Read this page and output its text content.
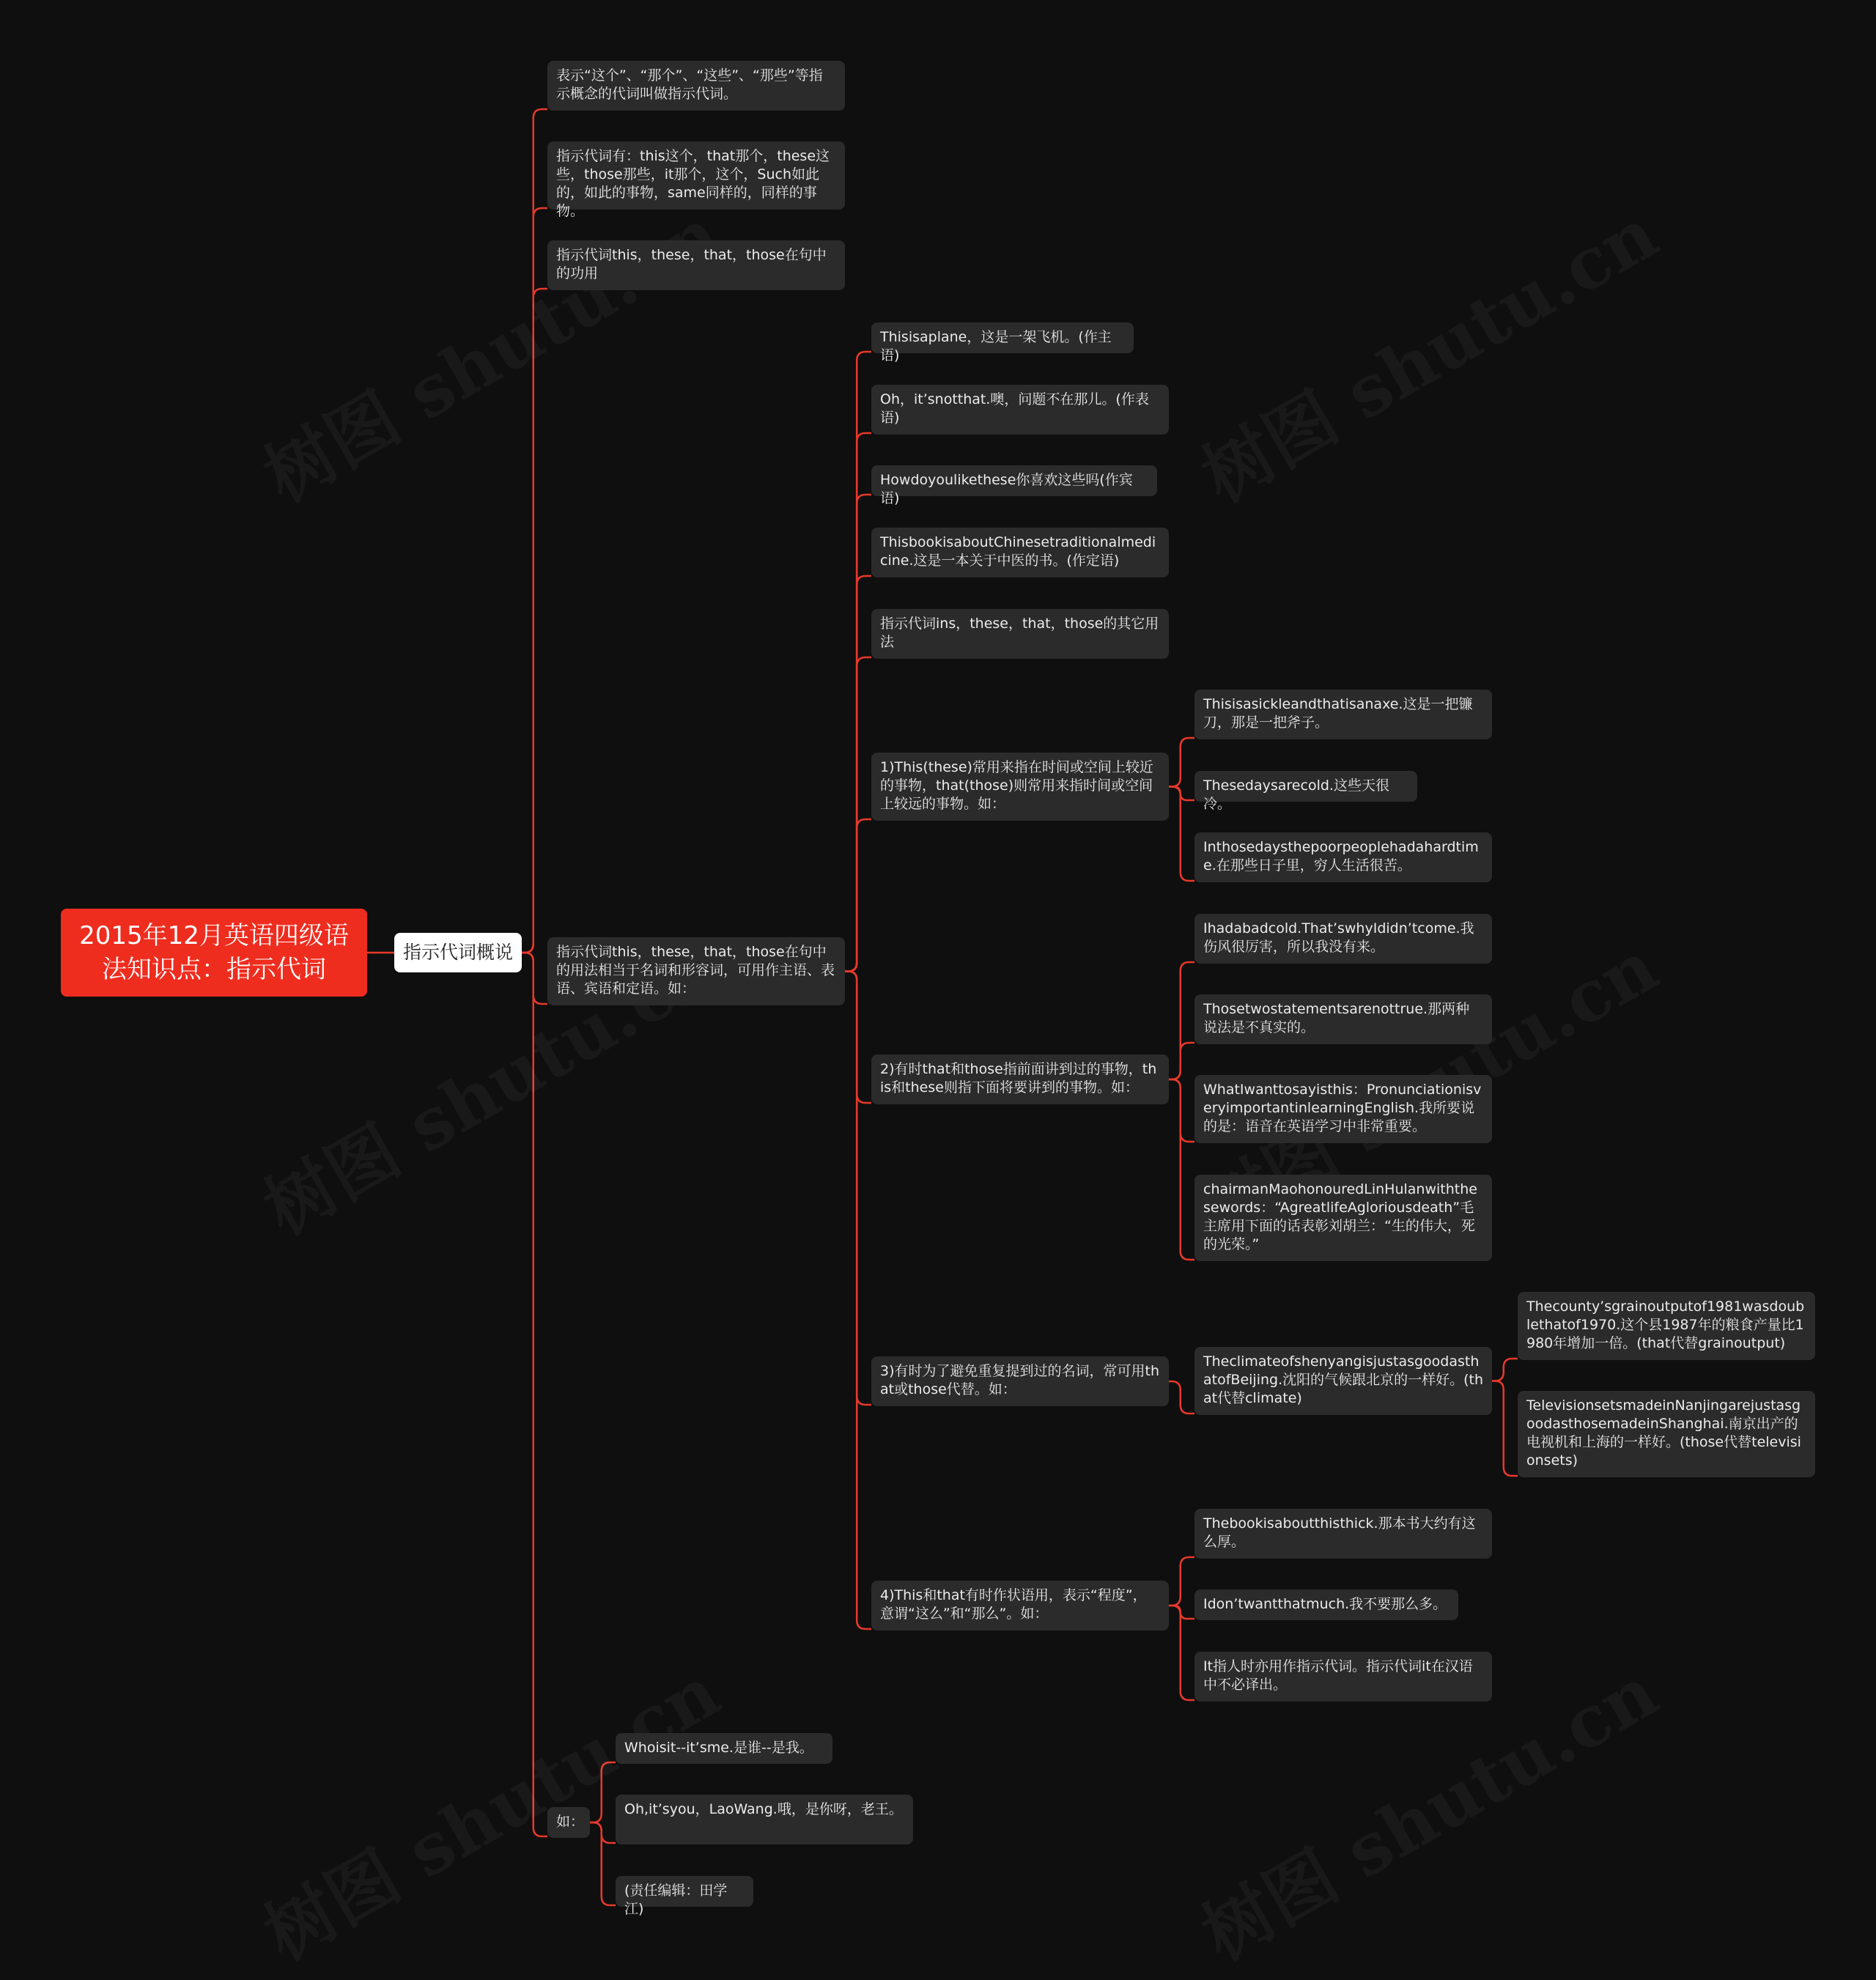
2015年12月英语四级语法知识点：指示代词
指示代词概说
表示“这个”、“那个”、“这些”、“那些”等指示概念的代词叫做指示代词。
指示代词有：this这个，that那个，these这些，those那些，it那个，这个，Such如此的，如此的事物，same同样的，同样的事物。
指示代词this，these，that，those在句中的功用
指示代词this，these，that，those在句中的用法相当于名词和形容词，可用作主语、表语、宾语和定语。如：
如：
Thisisaplane，这是一架飞机。(作主语)
Oh，it’snotthat.噢，问题不在那儿。(作表语)
Howdoyoulikethese你喜欢这些吗(作宾语)
ThisbookisaboutChinesetraditionalmedicine.这是一本关于中医的书。(作定语)
指示代词ins，these，that，those的其它用法
1)This(these)常用来指在时间或空间上较近的事物，that(those)则常用来指时间或空间上较远的事物。如：
2)有时that和those指前面讲到过的事物，this和these则指下面将要讲到的事物。如：
3)有时为了避免重复提到过的名词，常可用that或those代替。如：
4)This和that有时作状语用，表示“程度”，意谓“这么”和“那么”。如：
Thisisasickleandthatisanaxe.这是一把镰刀，那是一把斧子。
Thesedaysarecold.这些天很冷。
Inthosedaysthepoorpeoplehadahardtime.在那些日子里，穷人生活很苦。
Ihadabadcold.That’swhyIdidn’tcome.我伤风很厉害，所以我没有来。
Thosetwostatementsarenottrue.那两种说法是不真实的。
WhatIwanttosayisthis：PronunciationisveryimportantinlearningEnglish.我所要说的是：语音在英语学习中非常重要。
chairmanMaohonouredLinHulanwiththesewords：“AgreatlifeAgloriousdeath”毛主席用下面的话表彰刘胡兰：“生的伟大，死的光荣。”
TheclimateofshenyangisjustasgoodasthatofBeijing.沈阳的气候跟北京的一样好。(that代替climate)
Thebookisaboutthisthick.那本书大约有这么厚。
Idon’twantthatmuch.我不要那么多。
It指人时亦用作指示代词。指示代词it在汉语中不必译出。
Thecounty’sgrainoutputof1981wasdoublethatof1970.这个县1987年的粮食产量比1980年增加一倍。(that代替grainoutput)
TelevisionsetsmadeinNanjingarejustasgoodasthosemadeinShanghai.南京出产的电视机和上海的一样好。(those代替televisionsets)
Whoisit--it’sme.是谁--是我。
Oh,it’syou，LaoWang.哦，是你呀，老王。
(责任编辑：田学江)
